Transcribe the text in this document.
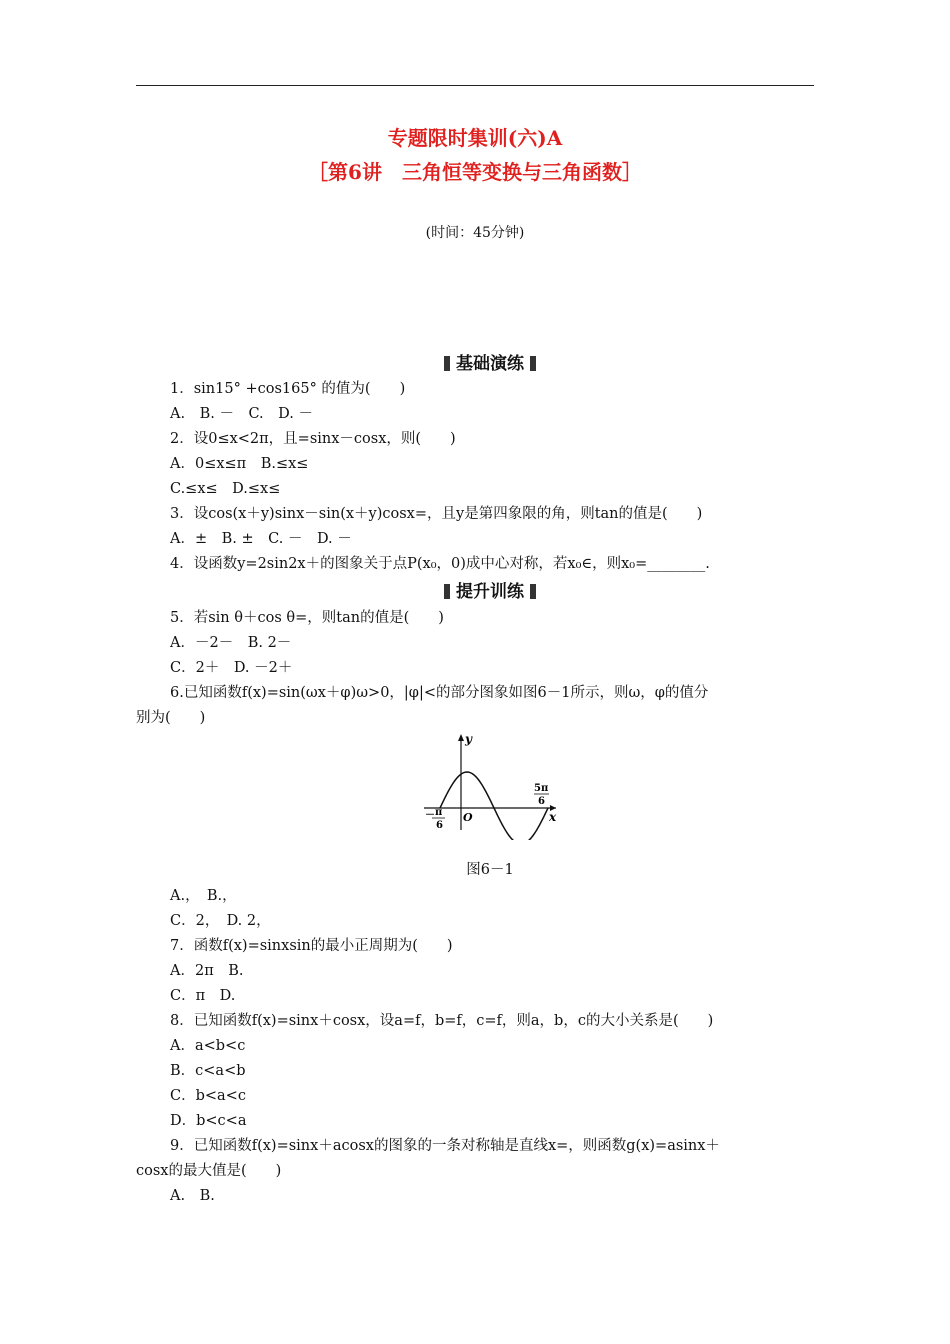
专题限时集训(六)A
［第6讲　三角恒等变换与三角函数］
(时间：45分钟)
基础演练
1．sin15° +cos165° 的值为(　　)
A.　B. －　C.　D. －
2．设0≤x<2π，且=sinx－cosx，则(　　)
A．0≤x≤π　B.≤x≤
C.≤x≤　D.≤x≤
3．设cos(x＋y)sinx－sin(x＋y)cosx=，且y是第四象限的角，则tan的值是(　　)
A．±　B. ±　C. －　D. －
4．设函数y=2sin2x＋的图象关于点P(x₀，0)成中心对称，若x₀∈，则x₀=________.
提升训练
5．若sin θ＋cos θ=，则tan的值是(　　)
A．－2－　B. 2－
C．2＋　D. －2＋
6.已知函数f(x)=sin(ωx＋φ)ω>0，|φ|<的部分图象如图6－1所示，则ω，φ的值分
别为(　　)
y
x
O
－ π
6
5π
6
图6－1
A.，　B.，
C．2，　D. 2，
7．函数f(x)=sinxsin的最小正周期为(　　)
A．2π　B.
C．π　D.
8．已知函数f(x)=sinx＋cosx，设a=f，b=f，c=f，则a，b，c的大小关系是(　　)
A．a<b<c
B．c<a<b
C．b<a<c
D．b<c<a
9．已知函数f(x)=sinx＋acosx的图象的一条对称轴是直线x=，则函数g(x)=asinx＋
cosx的最大值是(　　)
A.　B.
